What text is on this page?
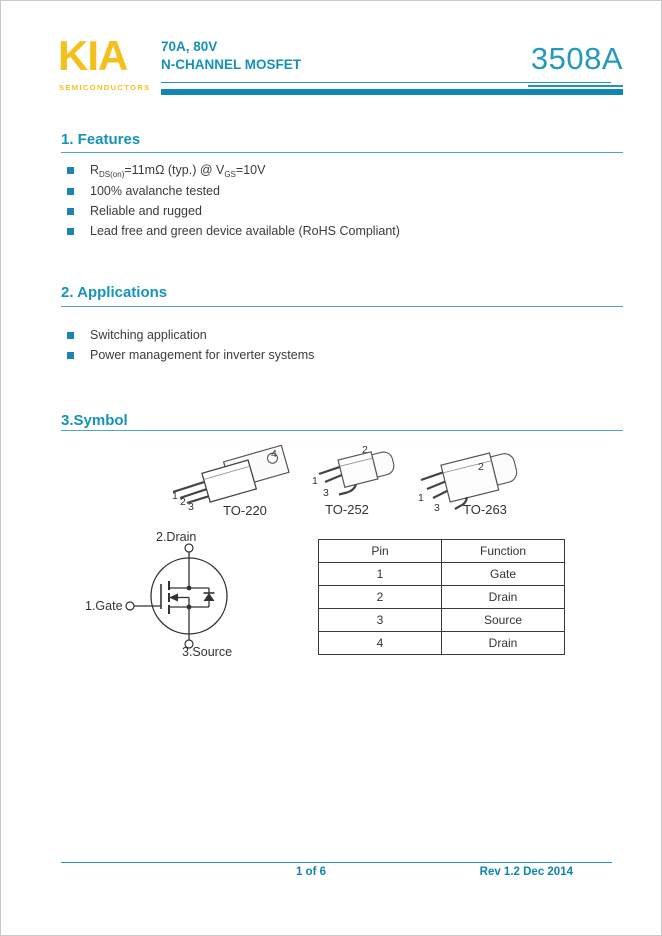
KIA
SEMICONDUCTORS
70A, 80V
N-CHANNEL MOSFET	3508A
1. Features
$R_{DS(on)}=11m\Omega$ (typ.) @ $V_{GS}=10V$
100% avalanche tested
Reliable and rugged
Lead free and green device available (RoHS Compliant)
2. Applications
Switching application
Power management for inverter systems
3.Symbol
4
1 2 3	TO-220
2
1
3
TO-252
2
1
3	TO-263
2.Drain
1.Gate
3.Source
Pin	Function
1	Gate
2	Drain
3	Source
4	Drain
1 of 6	Rev 1.2 Dec 2014
